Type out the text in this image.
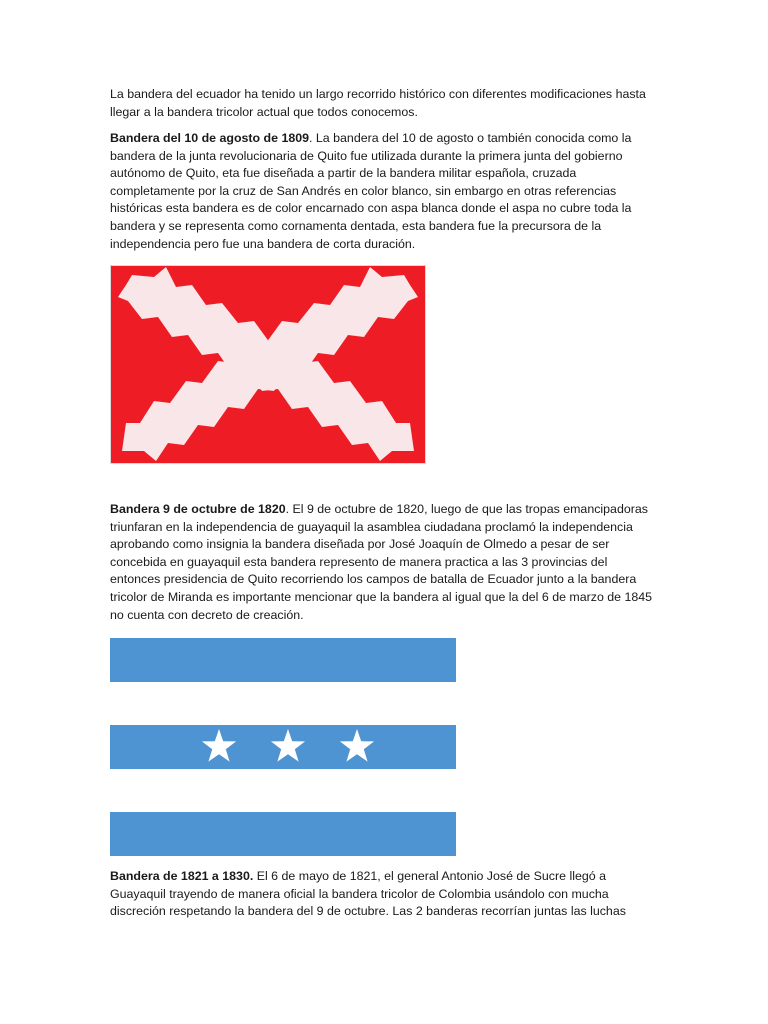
La bandera del ecuador ha tenido un largo recorrido histórico con diferentes modificaciones hasta llegar a la bandera tricolor actual que todos conocemos.

Bandera del 10 de agosto de 1809. La bandera del 10 de agosto o también conocida como la bandera de la junta revolucionaria de Quito fue utilizada durante la primera junta del gobierno autónomo de Quito, eta fue diseñada a partir de la bandera militar española, cruzada completamente por la cruz de San Andrés en color blanco, sin embargo en otras referencias históricas esta bandera es de color encarnado con aspa blanca donde el aspa no cubre toda la bandera y se representa como cornamenta dentada, esta bandera fue la precursora de la independencia pero fue una bandera de corta duración.

Bandera 9 de octubre de 1820. El 9 de octubre de 1820, luego de que las tropas emancipadoras triunfaran en la independencia de guayaquil la asamblea ciudadana proclamó la independencia aprobando como insignia la bandera diseñada por José Joaquín de Olmedo a pesar de ser concebida en guayaquil esta bandera represento de manera practica a las 3 provincias del entonces presidencia de Quito recorriendo los campos de batalla de Ecuador junto a la bandera tricolor de Miranda es importante mencionar que la bandera al igual que la del 6 de marzo de 1845 no cuenta con decreto de creación.

Bandera de 1821 a 1830. El 6 de mayo de 1821, el general Antonio José de Sucre llegó a Guayaquil trayendo de manera oficial la bandera tricolor de Colombia usándolo con mucha discreción respetando la bandera del 9 de octubre. Las 2 banderas recorrían juntas las luchas
